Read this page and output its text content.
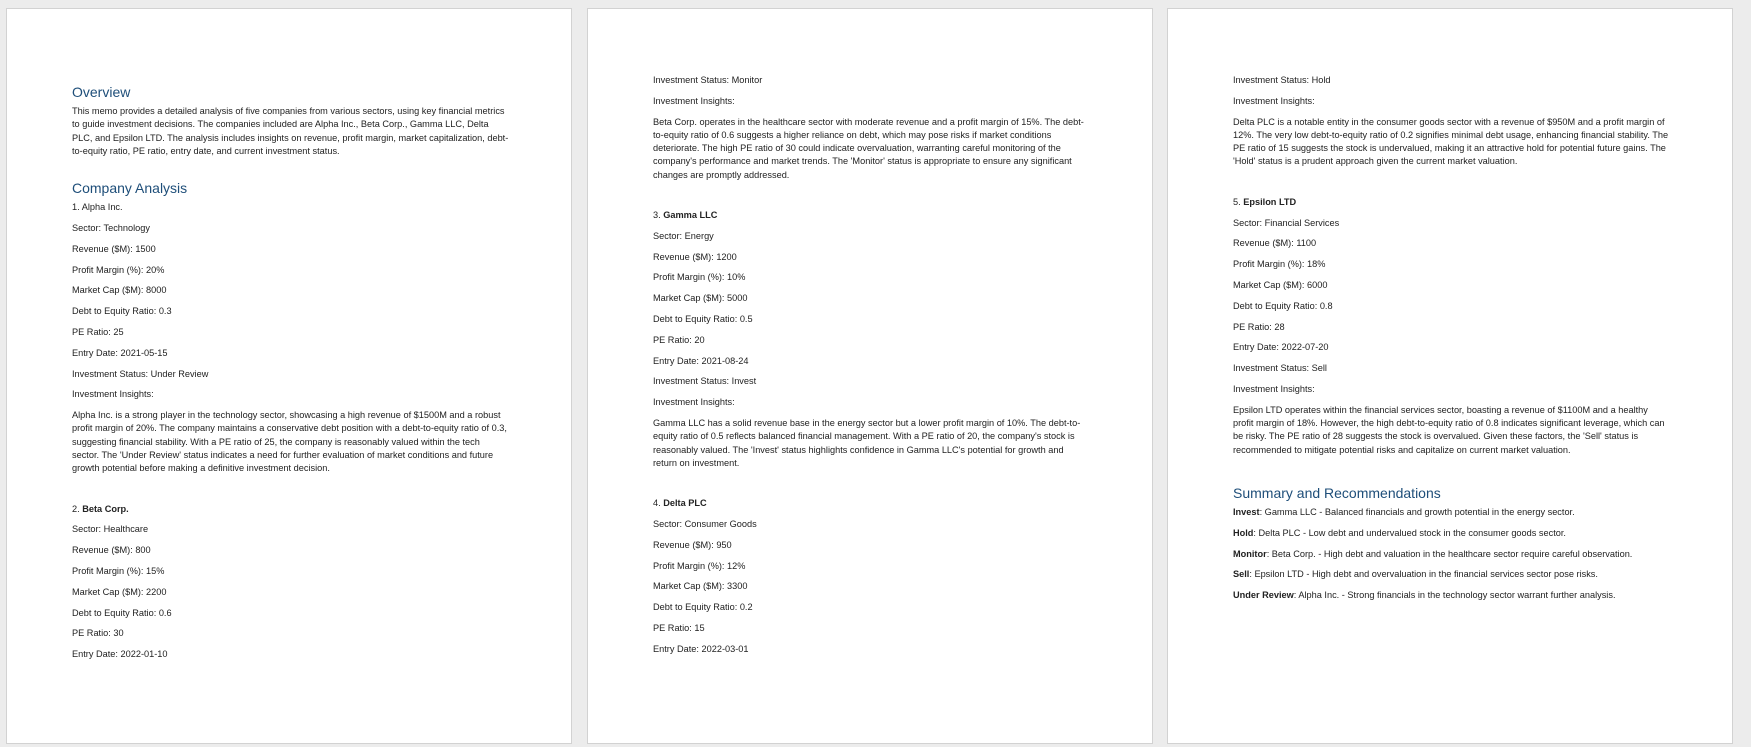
Overview

This memo provides a detailed analysis of five companies from various sectors, using key financial metrics to guide investment decisions. The companies included are Alpha Inc., Beta Corp., Gamma LLC, Delta PLC, and Epsilon LTD. The analysis includes insights on revenue, profit margin, market capitalization, debt-to-equity ratio, PE ratio, entry date, and current investment status.

Company Analysis

1. Alpha Inc.

Sector: Technology

Revenue ($M): 1500

Profit Margin (%): 20%

Market Cap ($M): 8000

Debt to Equity Ratio: 0.3

PE Ratio: 25

Entry Date: 2021-05-15

Investment Status: Under Review

Investment Insights:

Alpha Inc. is a strong player in the technology sector, showcasing a high revenue of $1500M and a robust profit margin of 20%. The company maintains a conservative debt position with a debt-to-equity ratio of 0.3, suggesting financial stability. With a PE ratio of 25, the company is reasonably valued within the tech sector. The 'Under Review' status indicates a need for further evaluation of market conditions and future growth potential before making a definitive investment decision.

2. Beta Corp.

Sector: Healthcare

Revenue ($M): 800

Profit Margin (%): 15%

Market Cap ($M): 2200

Debt to Equity Ratio: 0.6

PE Ratio: 30

Entry Date: 2022-01-10

Investment Status: Monitor

Investment Insights:

Beta Corp. operates in the healthcare sector with moderate revenue and a profit margin of 15%. The debt-to-equity ratio of 0.6 suggests a higher reliance on debt, which may pose risks if market conditions deteriorate. The high PE ratio of 30 could indicate overvaluation, warranting careful monitoring of the company's performance and market trends. The 'Monitor' status is appropriate to ensure any significant changes are promptly addressed.

3. Gamma LLC

Sector: Energy

Revenue ($M): 1200

Profit Margin (%): 10%

Market Cap ($M): 5000

Debt to Equity Ratio: 0.5

PE Ratio: 20

Entry Date: 2021-08-24

Investment Status: Invest

Investment Insights:

Gamma LLC has a solid revenue base in the energy sector but a lower profit margin of 10%. The debt-to-equity ratio of 0.5 reflects balanced financial management. With a PE ratio of 20, the company's stock is reasonably valued. The 'Invest' status highlights confidence in Gamma LLC's potential for growth and return on investment.

4. Delta PLC

Sector: Consumer Goods

Revenue ($M): 950

Profit Margin (%): 12%

Market Cap ($M): 3300

Debt to Equity Ratio: 0.2

PE Ratio: 15

Entry Date: 2022-03-01

Investment Status: Hold

Investment Insights:

Delta PLC is a notable entity in the consumer goods sector with a revenue of $950M and a profit margin of 12%. The very low debt-to-equity ratio of 0.2 signifies minimal debt usage, enhancing financial stability. The PE ratio of 15 suggests the stock is undervalued, making it an attractive hold for potential future gains. The 'Hold' status is a prudent approach given the current market valuation.

5. Epsilon LTD

Sector: Financial Services

Revenue ($M): 1100

Profit Margin (%): 18%

Market Cap ($M): 6000

Debt to Equity Ratio: 0.8

PE Ratio: 28

Entry Date: 2022-07-20

Investment Status: Sell

Investment Insights:

Epsilon LTD operates within the financial services sector, boasting a revenue of $1100M and a healthy profit margin of 18%. However, the high debt-to-equity ratio of 0.8 indicates significant leverage, which can be risky. The PE ratio of 28 suggests the stock is overvalued. Given these factors, the 'Sell' status is recommended to mitigate potential risks and capitalize on current market valuation.

Summary and Recommendations

Invest: Gamma LLC - Balanced financials and growth potential in the energy sector.

Hold: Delta PLC - Low debt and undervalued stock in the consumer goods sector.

Monitor: Beta Corp. - High debt and valuation in the healthcare sector require careful observation.

Sell: Epsilon LTD - High debt and overvaluation in the financial services sector pose risks.

Under Review: Alpha Inc. - Strong financials in the technology sector warrant further analysis.
